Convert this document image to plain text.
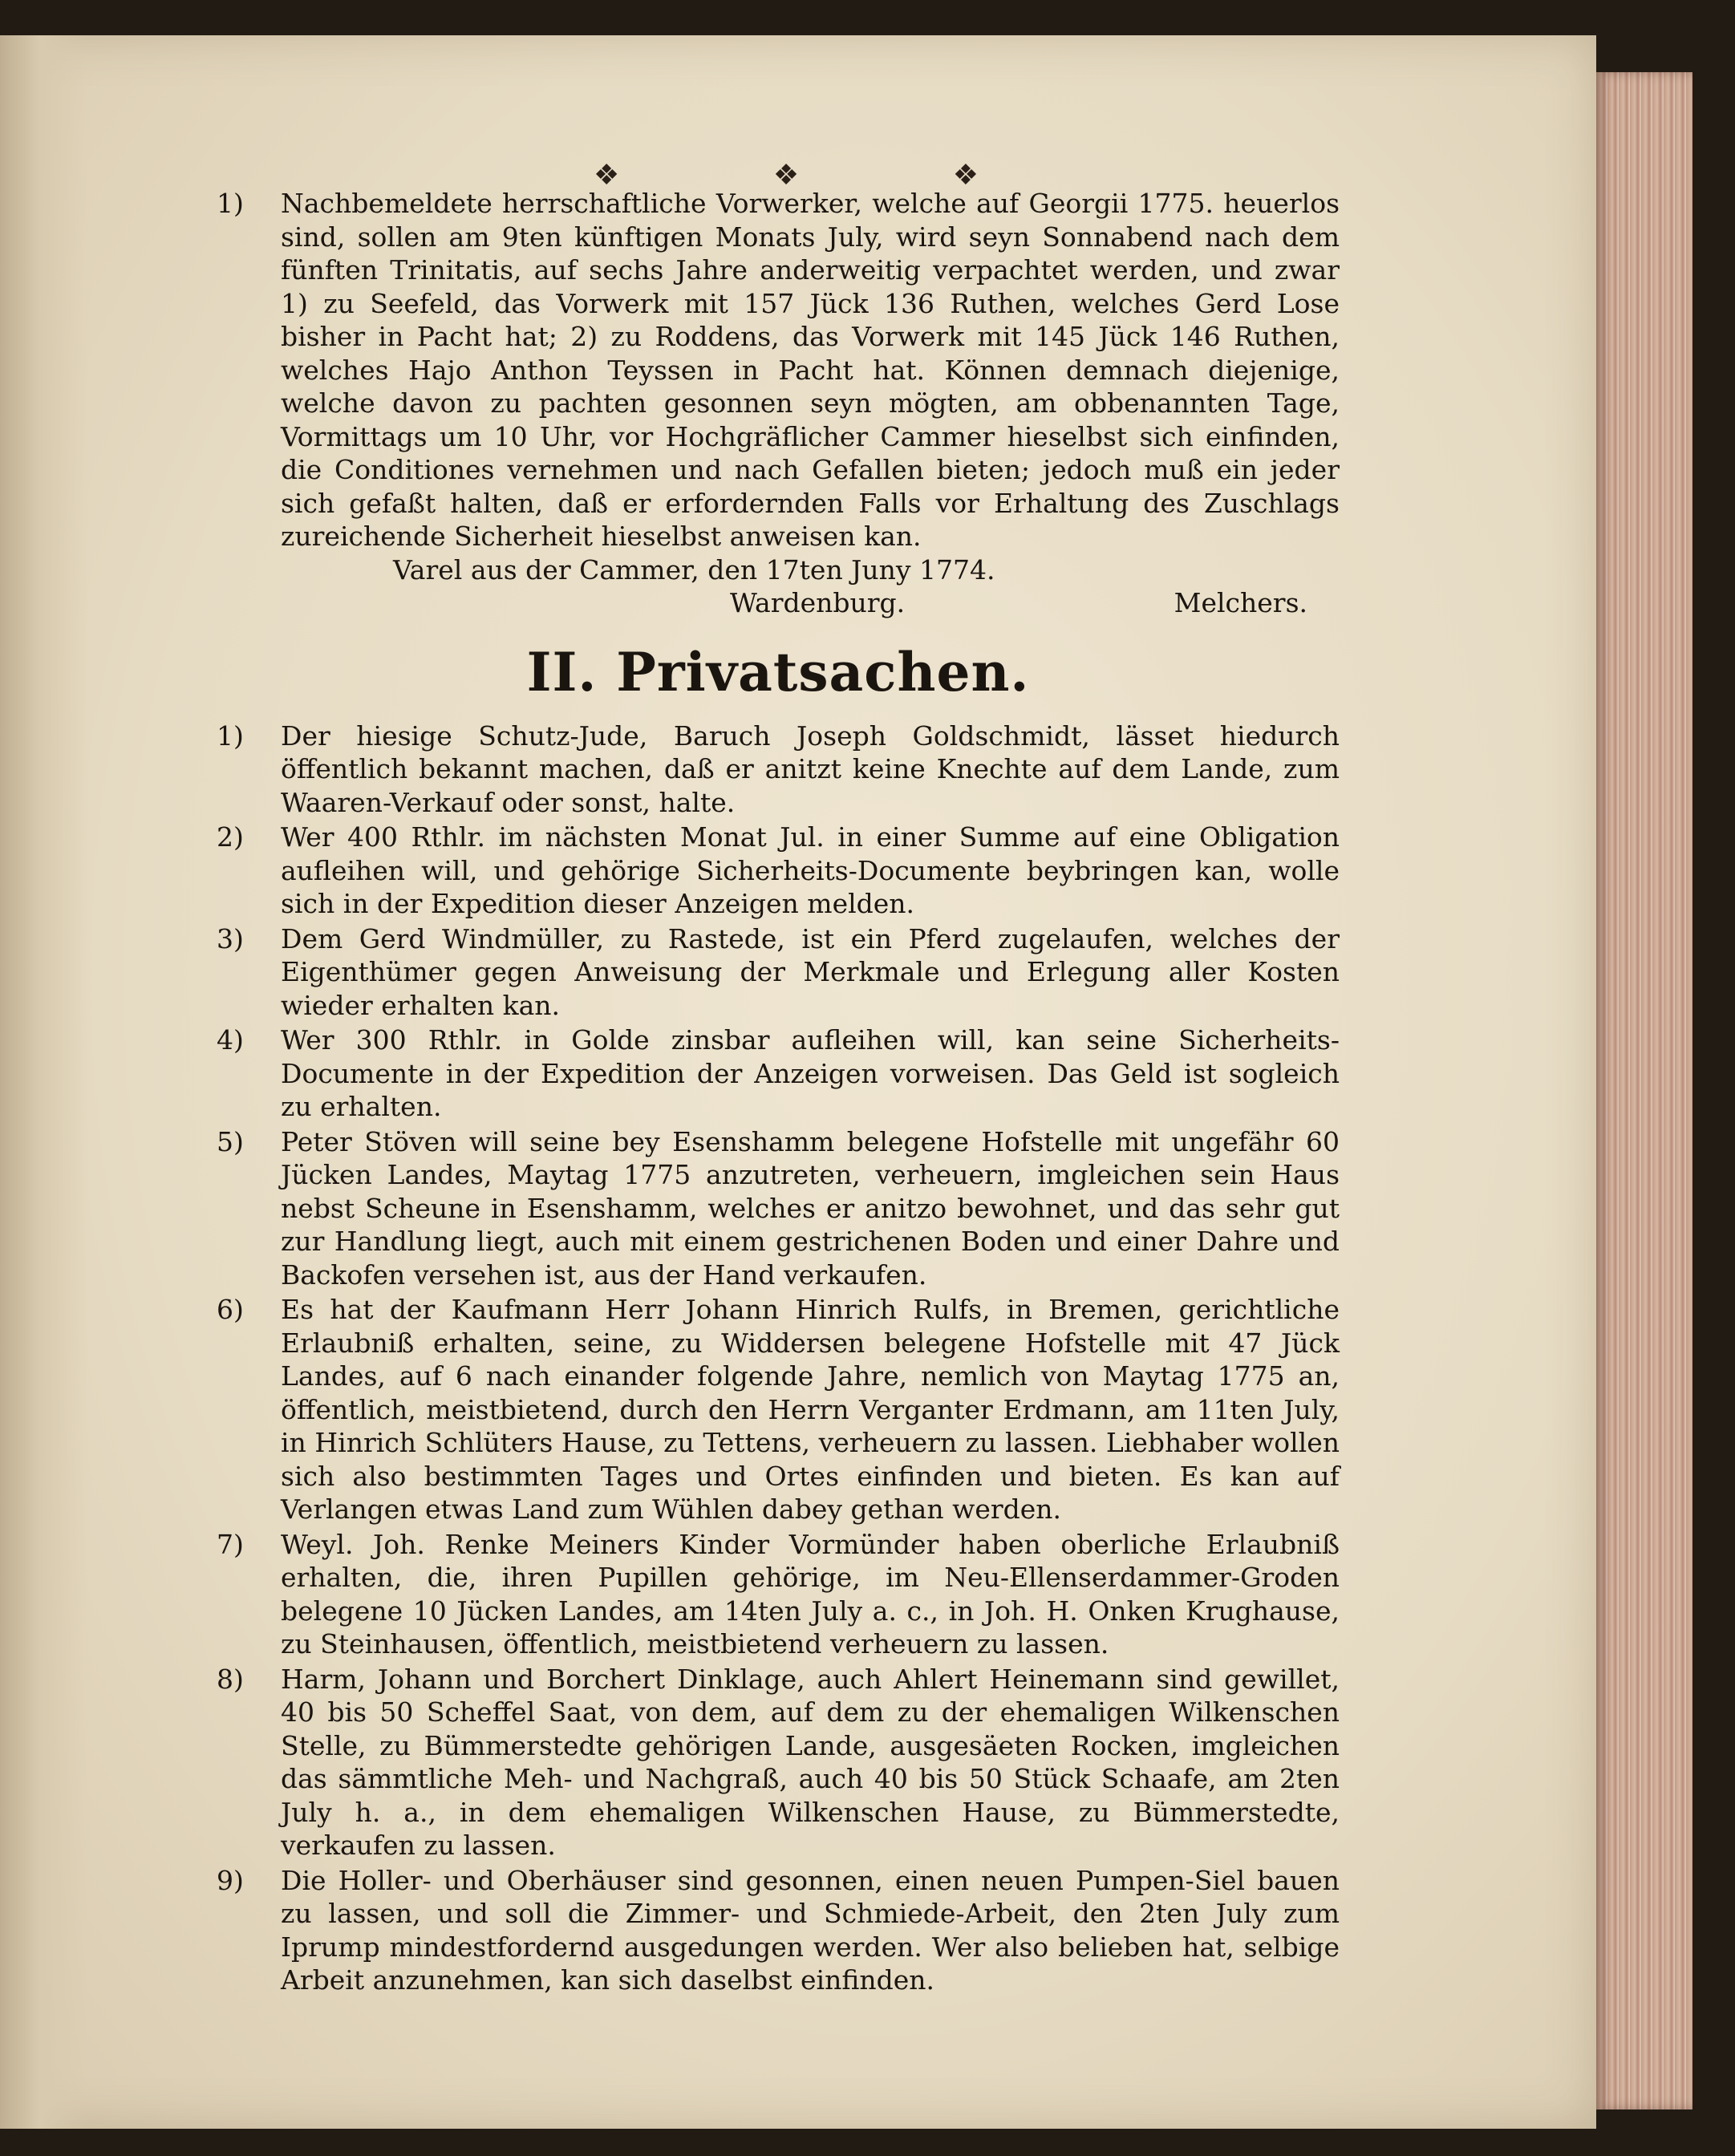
❖	❖	❖
1)	Nachbemeldete herrschaftliche Vorwerker, welche auf Georgii 1775. heuerlos sind, sollen am 9ten künftigen Monats July, wird seyn Sonnabend nach dem fünften Trinitatis, auf sechs Jahre anderweitig verpachtet werden, und zwar 1) zu Seefeld, das Vorwerk mit 157 Jück 136 Ruthen, welches Gerd Lose bisher in Pacht hat; 2) zu Roddens, das Vorwerk mit 145 Jück 146 Ruthen, welches Hajo Anthon Teyssen in Pacht hat. Können demnach diejenige, welche davon zu pachten gesonnen seyn mögten, am obbenannten Tage, Vormittags um 10 Uhr, vor Hochgräflicher Cammer hieselbst sich einfinden, die Conditiones vernehmen und nach Gefallen bieten; jedoch muß ein jeder sich gefaßt halten, daß er erfordernden Falls vor Erhaltung des Zuschlags zureichende Sicherheit hieselbst anweisen kan.
Varel aus der Cammer, den 17ten Juny 1774.
Wardenburg.	Melchers.
II. Privatsachen.
1)	Der hiesige Schutz-Jude, Baruch Joseph Goldschmidt, lässet hiedurch öffentlich bekannt machen, daß er anitzt keine Knechte auf dem Lande, zum Waaren-Verkauf oder sonst, halte.
2)	Wer 400 Rthlr. im nächsten Monat Jul. in einer Summe auf eine Obligation aufleihen will, und gehörige Sicherheits-Documente beybringen kan, wolle sich in der Expedition dieser Anzeigen melden.
3)	Dem Gerd Windmüller, zu Rastede, ist ein Pferd zugelaufen, welches der Eigenthümer gegen Anweisung der Merkmale und Erlegung aller Kosten wieder erhalten kan.
4)	Wer 300 Rthlr. in Golde zinsbar aufleihen will, kan seine Sicherheits-Documente in der Expedition der Anzeigen vorweisen. Das Geld ist sogleich zu erhalten.
5)	Peter Stöven will seine bey Esenshamm belegene Hofstelle mit ungefähr 60 Jücken Landes, Maytag 1775 anzutreten, verheuern, imgleichen sein Haus nebst Scheune in Esenshamm, welches er anitzo bewohnet, und das sehr gut zur Handlung liegt, auch mit einem gestrichenen Boden und einer Dahre und Backofen versehen ist, aus der Hand verkaufen.
6)	Es hat der Kaufmann Herr Johann Hinrich Rulfs, in Bremen, gerichtliche Erlaubniß erhalten, seine, zu Widdersen belegene Hofstelle mit 47 Jück Landes, auf 6 nach einander folgende Jahre, nemlich von Maytag 1775 an, öffentlich, meistbietend, durch den Herrn Verganter Erdmann, am 11ten July, in Hinrich Schlüters Hause, zu Tettens, verheuern zu lassen. Liebhaber wollen sich also bestimmten Tages und Ortes einfinden und bieten. Es kan auf Verlangen etwas Land zum Wühlen dabey gethan werden.
7)	Weyl. Joh. Renke Meiners Kinder Vormünder haben oberliche Erlaubniß erhalten, die, ihren Pupillen gehörige, im Neu-Ellenserdammer-Groden belegene 10 Jücken Landes, am 14ten July a. c., in Joh. H. Onken Krughause, zu Steinhausen, öffentlich, meistbietend verheuern zu lassen.
8)	Harm, Johann und Borchert Dinklage, auch Ahlert Heinemann sind gewillet, 40 bis 50 Scheffel Saat, von dem, auf dem zu der ehemaligen Wilkenschen Stelle, zu Bümmerstedte gehörigen Lande, ausgesäeten Rocken, imgleichen das sämmtliche Meh- und Nachgraß, auch 40 bis 50 Stück Schaafe, am 2ten July h. a., in dem ehemaligen Wilkenschen Hause, zu Bümmerstedte, verkaufen zu lassen.
9)	Die Holler- und Oberhäuser sind gesonnen, einen neuen Pumpen-Siel bauen zu lassen, und soll die Zimmer- und Schmiede-Arbeit, den 2ten July zum Iprump mindestfordernd ausgedungen werden. Wer also belieben hat, selbige Arbeit anzunehmen, kan sich daselbst einfinden.
